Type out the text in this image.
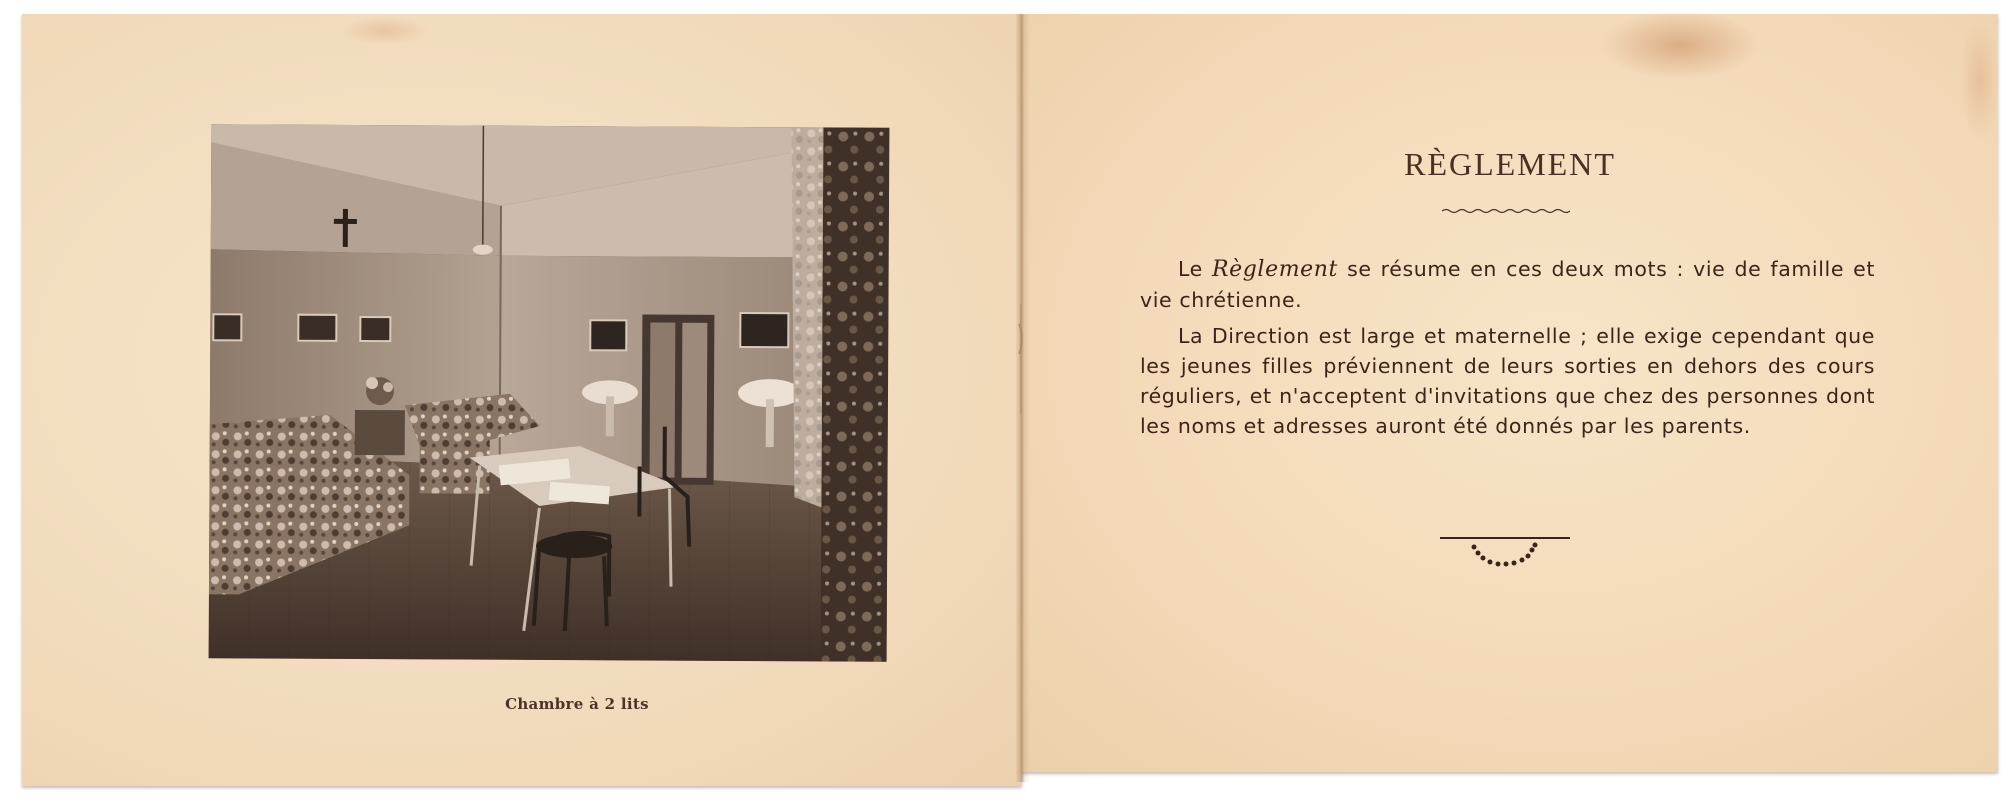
Chambre à 2 lits
RÈGLEMENT

Le Règlement se résume en ces deux mots : vie de famille et vie chrétienne.

La Direction est large et maternelle ; elle exige cependant que les jeunes filles préviennent de leurs sorties en dehors des cours réguliers, et n'acceptent d'invitations que chez des personnes dont les noms et adresses auront été donnés par les parents.
